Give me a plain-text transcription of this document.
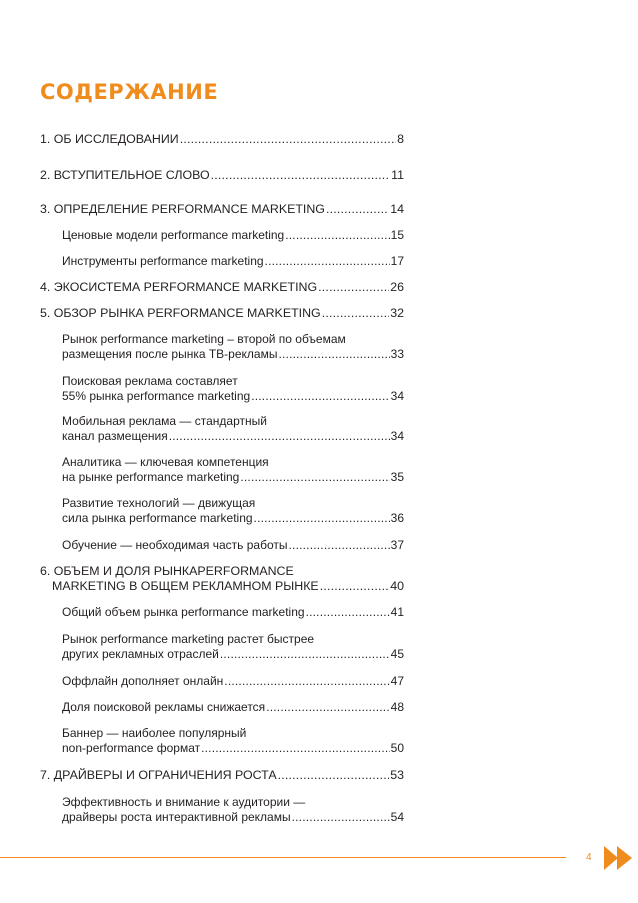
СОДЕРЖАНИЕ
1. ОБ ИССЛЕДОВАНИИ .....	8
2. ВСТУПИТЕЛЬНОЕ СЛОВО .....	11
3. ОПРЕДЕЛЕНИЕ PERFORMANCE MARKETING .....	14
Ценовые модели performance marketing .....	15
Инструменты performance marketing .....	17
4. ЭКОСИСТЕМА PERFORMANCE MARKETING .....	26
5. ОБЗОР РЫНКА PERFORMANCE MARKETING .....	32
Рынок performance marketing – второй по объемам
размещения после рынка ТВ-рекламы .....	33
Поисковая реклама составляет
55% рынка performance marketing .....	34
Мобильная реклама — стандартный
канал размещения .....	34
Аналитика — ключевая компетенция
на рынке performance marketing .....	35
Развитие технологий — движущая
сила рынка performance marketing .....	36
Обучение — необходимая часть работы .....	37
6. ОБЪЕМ И ДОЛЯ РЫНКАPERFORMANCE
MARKETING В ОБЩЕМ РЕКЛАМНОМ РЫНКЕ .....	40
Общий объем рынка performance marketing .....	41
Рынок performance marketing растет быстрее
других рекламных отраслей .....	45
Оффлайн дополняет онлайн .....	47
Доля поисковой рекламы снижается .....	48
Баннер — наиболее популярный
non-performance формат .....	50
7. ДРАЙВЕРЫ И ОГРАНИЧЕНИЯ РОСТА .....	53
Эффективность и внимание к аудитории —
драйверы роста интерактивной рекламы .....	54
4
